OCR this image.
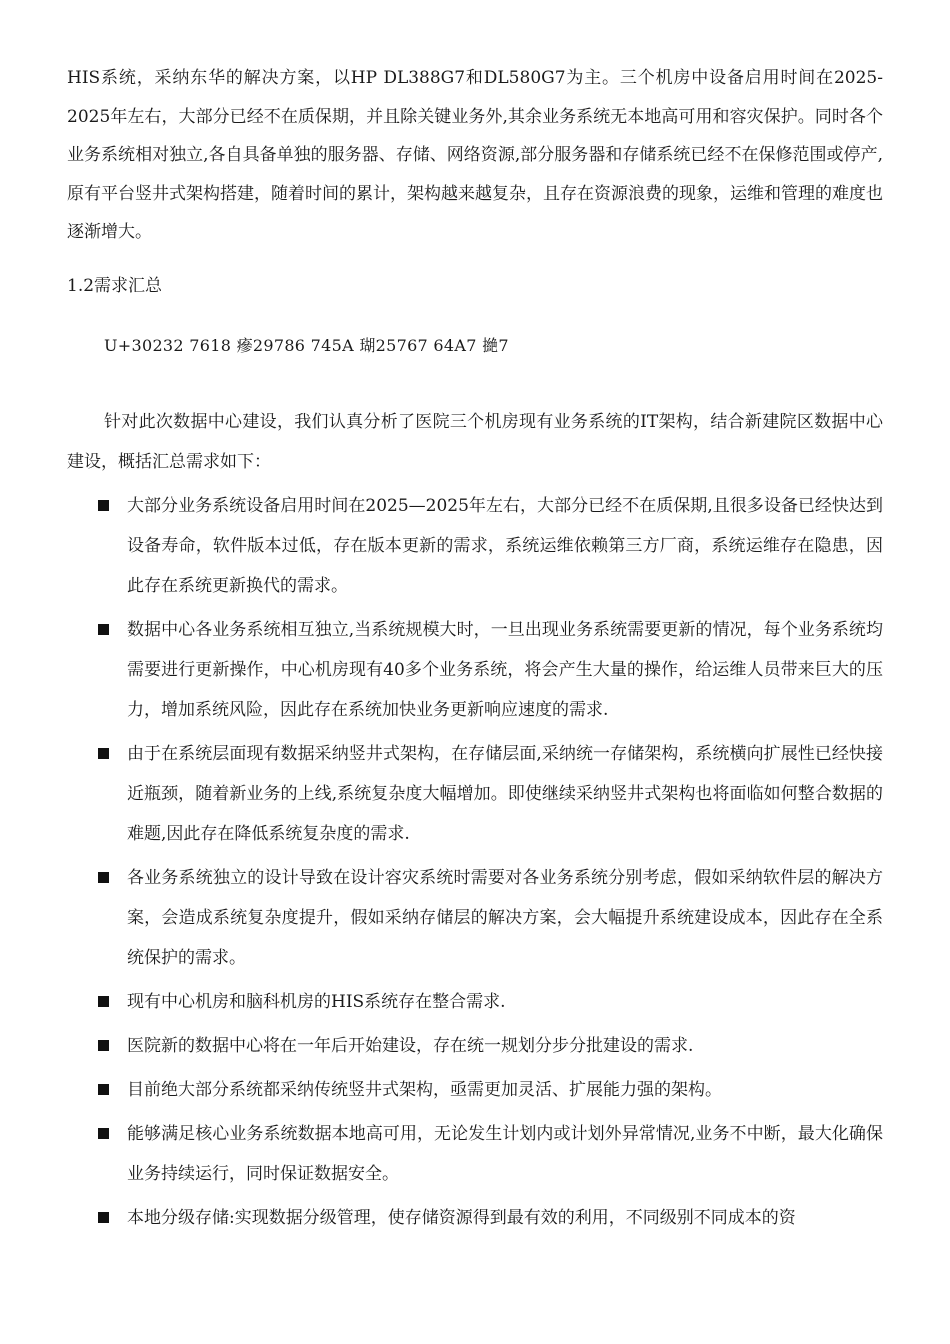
HIS系统，采纳东华的解决方案，以HP DL388G7和DL580G7为主。三个机房中设备启用时间在2025-2025年左右，大部分已经不在质保期，并且除关键业务外,其余业务系统无本地高可用和容灾保护。同时各个业务系统相对独立,各自具备单独的服务器、存储、网络资源,部分服务器和存储系统已经不在保修范围或停产,原有平台竖井式架构搭建，随着时间的累计，架构越来越复杂，且存在资源浪费的现象，运维和管理的难度也逐渐增大。

1.2需求汇总

U+30232 7618 瘮29786 745A 瑚25767 64A7 撧7

针对此次数据中心建设，我们认真分析了医院三个机房现有业务系统的IT架构，结合新建院区数据中心建设，概括汇总需求如下：

大部分业务系统设备启用时间在2025—2025年左右，大部分已经不在质保期,且很多设备已经快达到设备寿命，软件版本过低，存在版本更新的需求，系统运维依赖第三方厂商，系统运维存在隐患，因此存在系统更新换代的需求。
数据中心各业务系统相互独立,当系统规模大时，一旦出现业务系统需要更新的情况，每个业务系统均需要进行更新操作，中心机房现有40多个业务系统，将会产生大量的操作，给运维人员带来巨大的压力，增加系统风险，因此存在系统加快业务更新响应速度的需求.
由于在系统层面现有数据采纳竖井式架构，在存储层面,采纳统一存储架构，系统横向扩展性已经快接近瓶颈，随着新业务的上线,系统复杂度大幅增加。即使继续采纳竖井式架构也将面临如何整合数据的难题,因此存在降低系统复杂度的需求.
各业务系统独立的设计导致在设计容灾系统时需要对各业务系统分别考虑，假如采纳软件层的解决方案，会造成系统复杂度提升，假如采纳存储层的解决方案，会大幅提升系统建设成本，因此存在全系统保护的需求。
现有中心机房和脑科机房的HIS系统存在整合需求.
医院新的数据中心将在一年后开始建设，存在统一规划分步分批建设的需求.
目前绝大部分系统都采纳传统竖井式架构，亟需更加灵活、扩展能力强的架构。
能够满足核心业务系统数据本地高可用，无论发生计划内或计划外异常情况,业务不中断，最大化确保业务持续运行，同时保证数据安全。
本地分级存储:实现数据分级管理，使存储资源得到最有效的利用，不同级别不同成本的资
